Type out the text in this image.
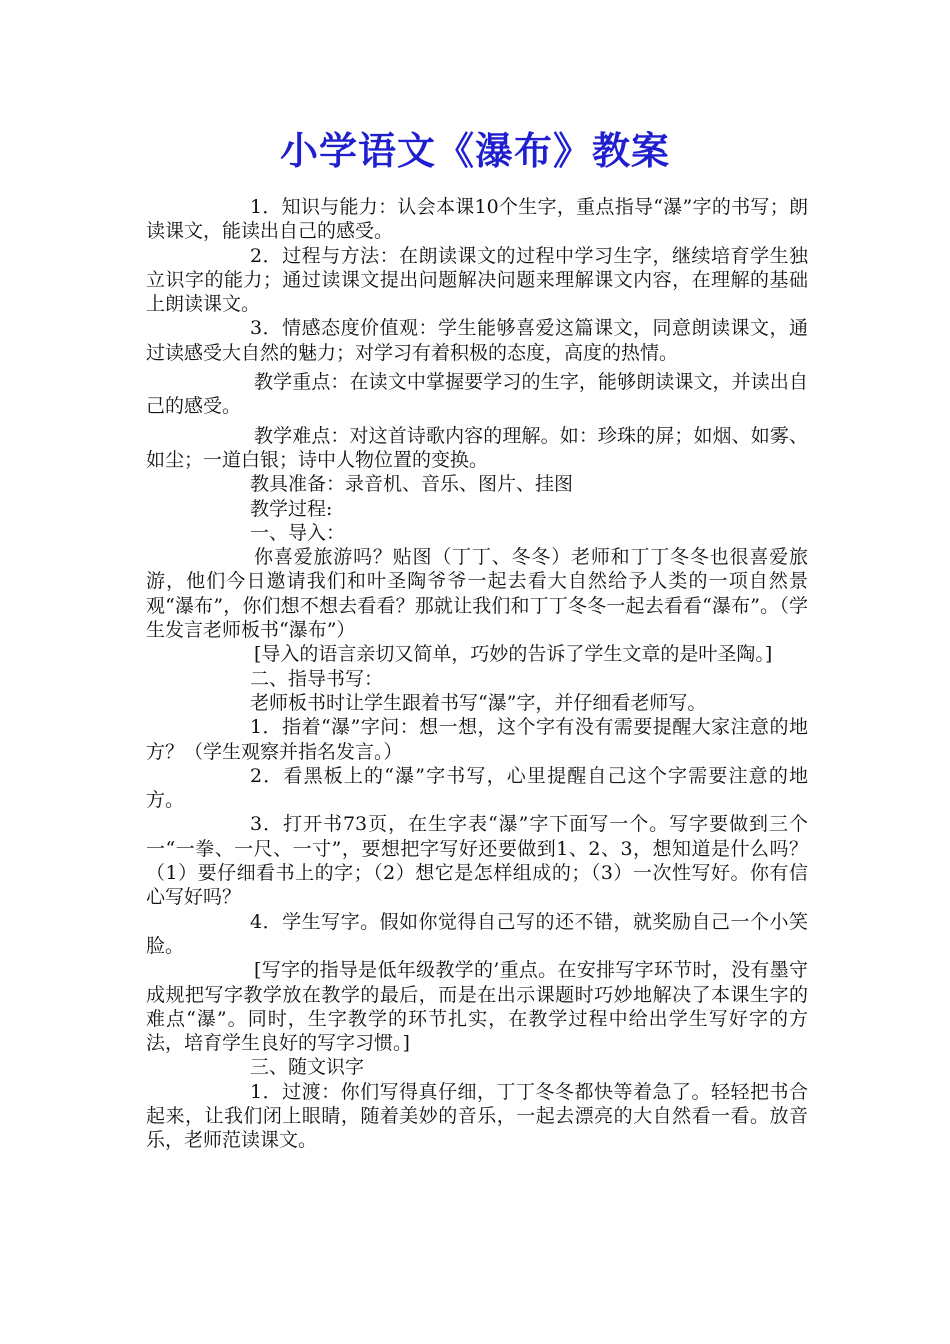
小学语文《瀑布》教案

1．知识与能力：认会本课10个生字，重点指导“瀑”字的书写；朗读课文，能读出自己的感受。

2．过程与方法：在朗读课文的过程中学习生字，继续培育学生独立识字的能力；通过读课文提出问题解决问题来理解课文内容，在理解的基础上朗读课文。

3．情感态度价值观：学生能够喜爱这篇课文，同意朗读课文，通过读感受大自然的魅力；对学习有着积极的态度，高度的热情。

教学重点：在读文中掌握要学习的生字，能够朗读课文，并读出自己的感受。

教学难点：对这首诗歌内容的理解。如：珍珠的屏；如烟、如雾、如尘；一道白银；诗中人物位置的变换。

教具准备：录音机、音乐、图片、挂图

教学过程:

一、导入：

你喜爱旅游吗？贴图（丁丁、冬冬）老师和丁丁冬冬也很喜爱旅游，他们今日邀请我们和叶圣陶爷爷一起去看大自然给予人类的一项自然景观“瀑布”，你们想不想去看看？那就让我们和丁丁冬冬一起去看看“瀑布”。（学生发言老师板书“瀑布”）

[导入的语言亲切又简单，巧妙的告诉了学生文章的是叶圣陶。]

二、指导书写：

老师板书时让学生跟着书写“瀑”字，并仔细看老师写。

1．指着“瀑”字问：想一想，这个字有没有需要提醒大家注意的地方？（学生观察并指名发言。）

2．看黑板上的“瀑”字书写，心里提醒自己这个字需要注意的地方。

3．打开书73页，在生字表“瀑”字下面写一个。写字要做到三个一“一拳、一尺、一寸”，要想把字写好还要做到1、2、3，想知道是什么吗？（1）要仔细看书上的字；（2）想它是怎样组成的；（3）一次性写好。你有信心写好吗？

4．学生写字。假如你觉得自己写的还不错，就奖励自己一个小笑脸。

[写字的指导是低年级教学的’重点。在安排写字环节时，没有墨守成规把写字教学放在教学的最后，而是在出示课题时巧妙地解决了本课生字的难点“瀑”。同时，生字教学的环节扎实，在教学过程中给出学生写好字的方法，培育学生良好的写字习惯。]

三、随文识字

1．过渡：你们写得真仔细，丁丁冬冬都快等着急了。轻轻把书合起来，让我们闭上眼睛，随着美妙的音乐，一起去漂亮的大自然看一看。放音乐，老师范读课文。
